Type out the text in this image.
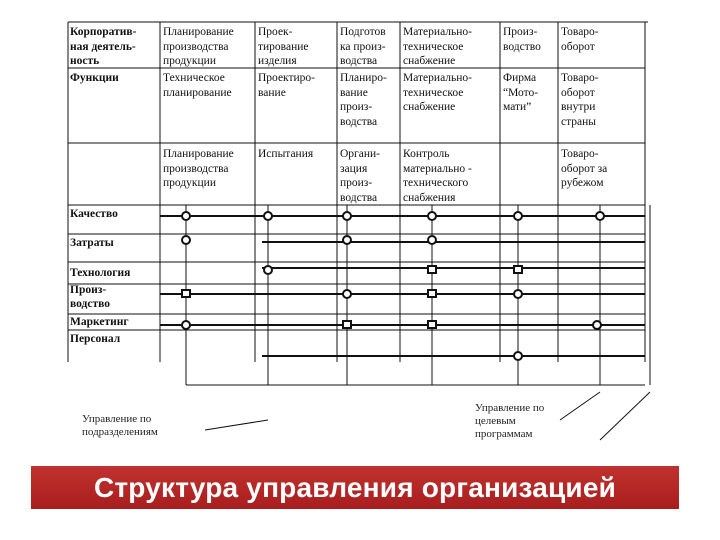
Корпоратив-
ная деятель-
ность
Планирование
производства
продукции
Проек-
тирование
изделия
Подготов
ка произ-
водства
Материально-
техническое
снабжение
Произ-
водство
Товаро-
оборот
Функции	Техническое
планирование
Проектиро-
вание
Планиро-
вание
произ-
водства
Материально-
техническое
снабжение
Фирма
“Мото-
мати”
Товаро-
оборот
внутри
страны
Планирование
производства
продукции
Испытания Органи-
зация
произ-
водства
Контроль
материально -
технического
снабжения
Товаро-
оборот за
рубежом
Качество
Затраты
Технология
Произ-
водство
Маркетинг
Персонал
Управление по
подразделениям
Управление по
целевым
программам
Структура управления организацией
